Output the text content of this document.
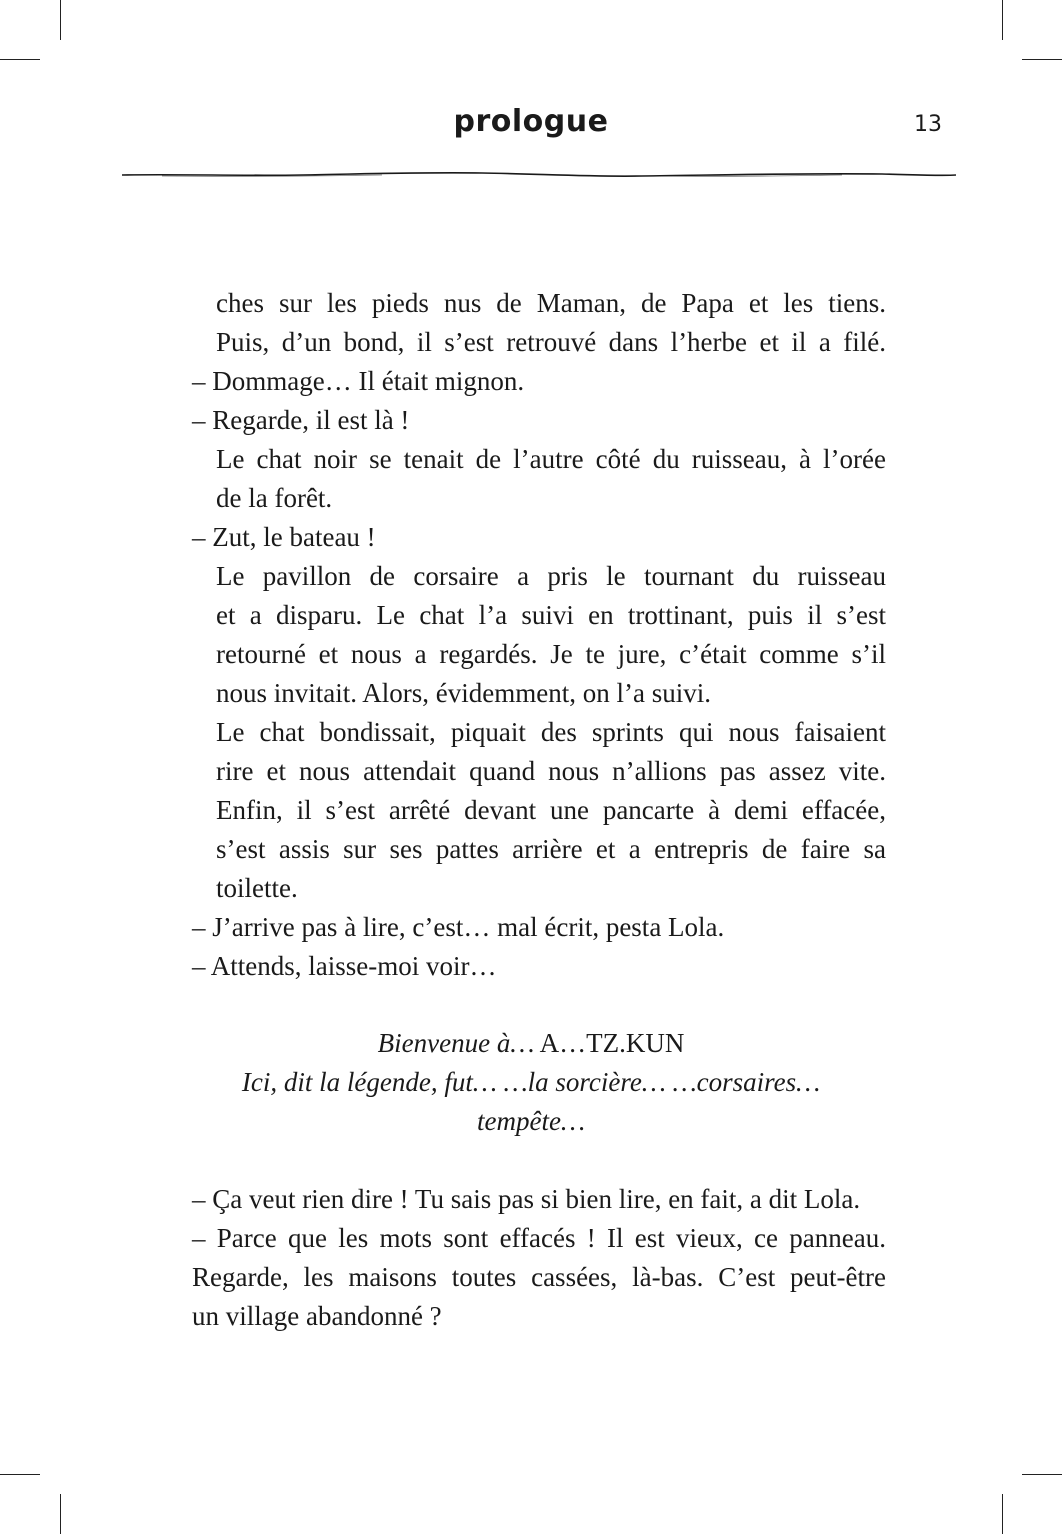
prologue	13
ches sur les pieds nus de Maman, de Papa et les tiens.
Puis, d’un bond, il s’est retrouvé dans l’herbe et il a filé.
– Dommage… Il était mignon.
– Regarde, il est là !
Le chat noir se tenait de l’autre côté du ruisseau, à l’orée
de la forêt.
– Zut, le bateau !
Le pavillon de corsaire a pris le tournant du ruisseau
et a disparu. Le chat l’a suivi en trottinant, puis il s’est
retourné et nous a regardés. Je te jure, c’était comme s’il
nous invitait. Alors, évidemment, on l’a suivi.
Le chat bondissait, piquait des sprints qui nous faisaient
rire et nous attendait quand nous n’allions pas assez vite.
Enfin, il s’est arrêté devant une pancarte à demi effacée,
s’est assis sur ses pattes arrière et a entrepris de faire sa
toilette.
– J’arrive pas à lire, c’est… mal écrit, pesta Lola.
– Attends, laisse-moi voir…
Bienvenue à… A…TZ.KUN
Ici, dit la légende, fut… …la sorcière… …corsaires…
tempête…
– Ça veut rien dire ! Tu sais pas si bien lire, en fait, a dit Lola.
– Parce que les mots sont effacés ! Il est vieux, ce panneau.
Regarde, les maisons toutes cassées, là-bas. C’est peut-être
un village abandonné ?
